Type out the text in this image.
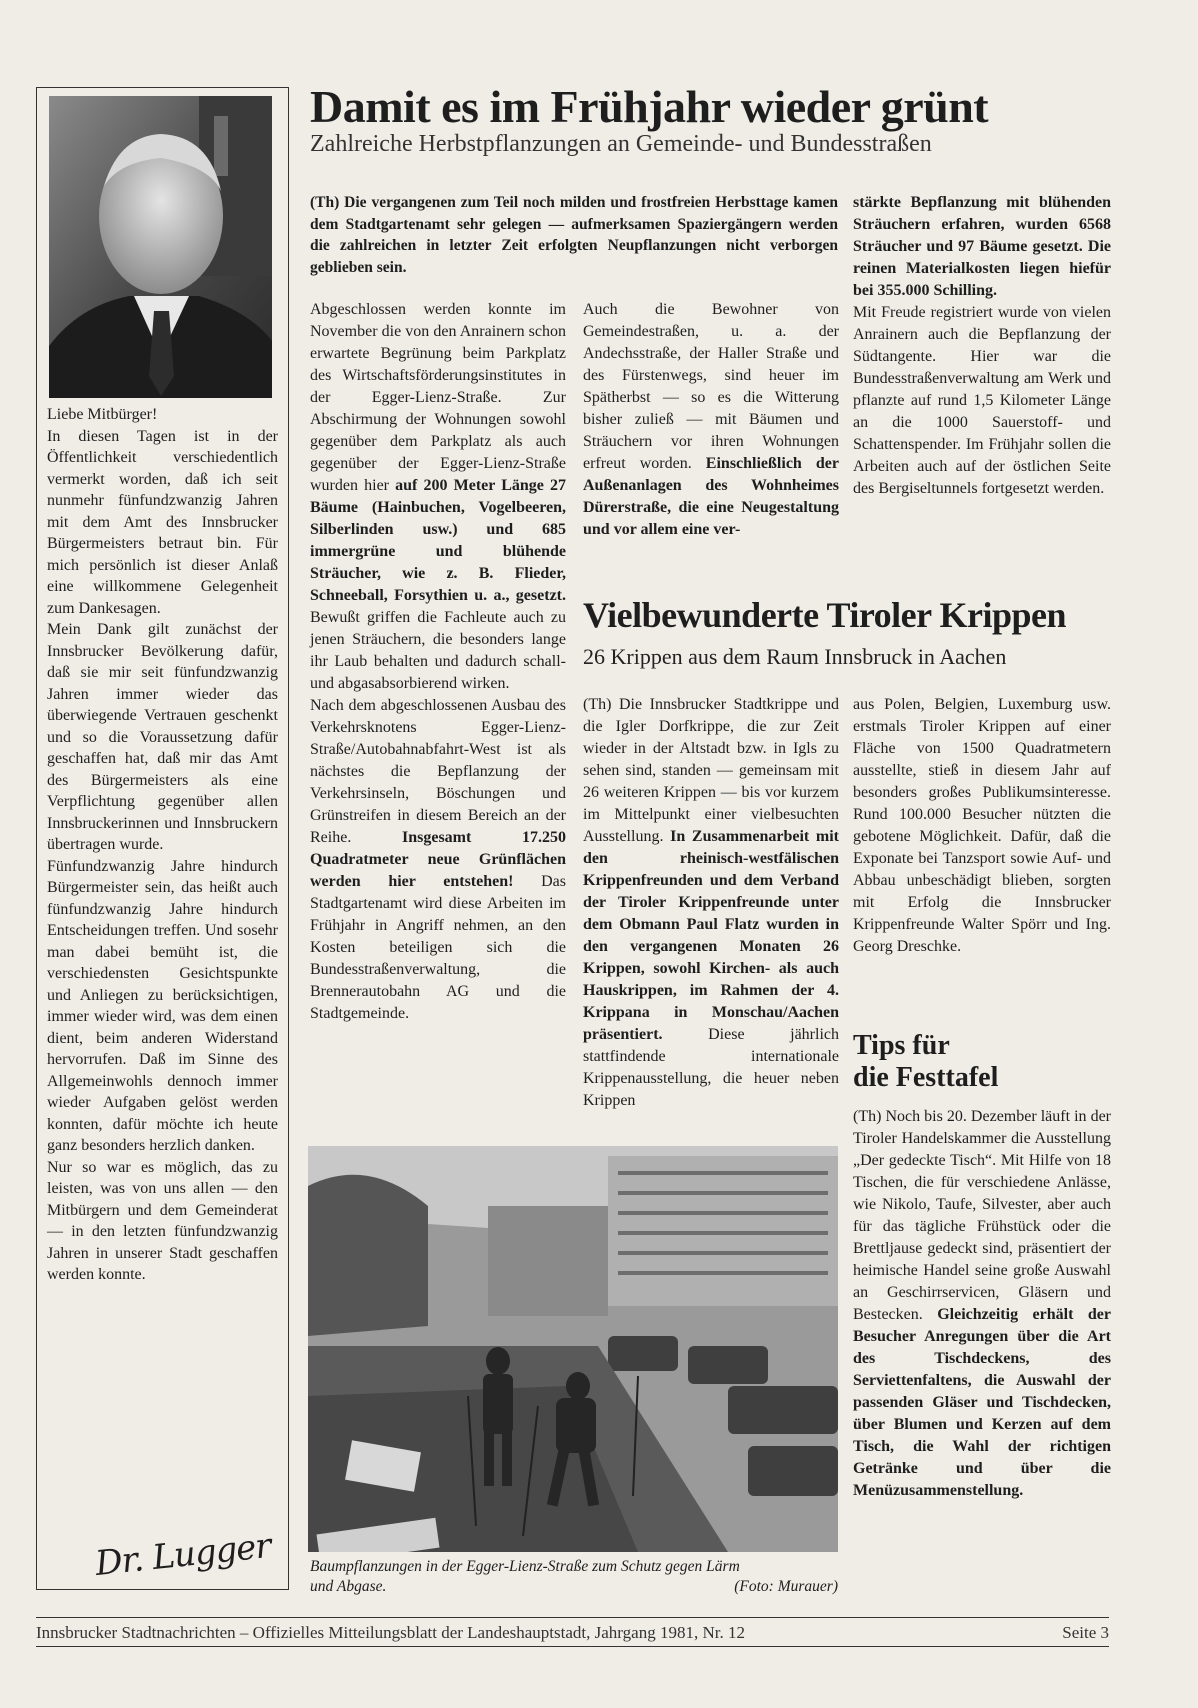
Liebe Mitbürger!
In diesen Tagen ist in der Öffentlichkeit verschiedentlich vermerkt worden, daß ich seit nunmehr fünfundzwanzig Jahren mit dem Amt des Innsbrucker Bürgermeisters betraut bin. Für mich persönlich ist dieser Anlaß eine willkommene Gelegenheit zum Dankesagen.
Mein Dank gilt zunächst der Innsbrucker Bevölkerung dafür, daß sie mir seit fünfundzwanzig Jahren immer wieder das überwiegende Vertrauen geschenkt und so die Voraussetzung dafür geschaffen hat, daß mir das Amt des Bürgermeisters als eine Verpflichtung gegenüber allen Innsbruckerinnen und Innsbruckern übertragen wurde.
Fünfundzwanzig Jahre hindurch Bürgermeister sein, das heißt auch fünfundzwanzig Jahre hindurch Entscheidungen treffen. Und sosehr man dabei bemüht ist, die verschiedensten Gesichtspunkte und Anliegen zu berücksichtigen, immer wieder wird, was dem einen dient, beim anderen Widerstand hervorrufen. Daß im Sinne des Allgemeinwohls dennoch immer wieder Aufgaben gelöst werden konnten, dafür möchte ich heute ganz besonders herzlich danken.
Nur so war es möglich, das zu leisten, was von uns allen — den Mitbürgern und dem Gemeinderat — in den letzten fünfundzwanzig Jahren in unserer Stadt geschaffen werden konnte.
Dr. Lugger
Damit es im Frühjahr wieder grünt
Zahlreiche Herbstpflanzungen an Gemeinde- und Bundesstraßen
(Th) Die vergangenen zum Teil noch milden und frostfreien Herbsttage kamen dem Stadtgartenamt sehr gelegen — aufmerksamen Spaziergängern werden die zahlreichen in letzter Zeit erfolgten Neupflanzungen nicht verborgen geblieben sein.

Abgeschlossen werden konnte im November die von den Anrainern schon erwartete Begrünung beim Parkplatz des Wirtschaftsförderungsinstitutes in der Egger-Lienz-Straße. Zur Abschirmung der Wohnungen sowohl gegenüber dem Parkplatz als auch gegenüber der Egger-Lienz-Straße wurden hier auf 200 Meter Länge 27 Bäume (Hainbuchen, Vogelbeeren, Silberlinden usw.) und 685 immergrüne und blühende Sträucher, wie z. B. Flieder, Schneeball, Forsythien u. a., gesetzt. Bewußt griffen die Fachleute auch zu jenen Sträuchern, die besonders lange ihr Laub behalten und dadurch schall- und abgasabsorbierend wirken.

Nach dem abgeschlossenen Ausbau des Verkehrsknotens Egger-Lienz-Straße/Autobahnabfahrt-West ist als nächstes die Bepflanzung der Verkehrsinseln, Böschungen und Grünstreifen in diesem Bereich an der Reihe. Insgesamt 17.250 Quadratmeter neue Grünflächen werden hier entstehen! Das Stadtgartenamt wird diese Arbeiten im Frühjahr in Angriff nehmen, an den Kosten beteiligen sich die Bundesstraßenverwaltung, die Brennerautobahn AG und die Stadtgemeinde.

Auch die Bewohner von Gemeindestraßen, u. a. der Andechsstraße, der Haller Straße und des Fürstenwegs, sind heuer im Spätherbst — so es die Witterung bisher zuließ — mit Bäumen und Sträuchern vor ihren Wohnungen erfreut worden. Einschließlich der Außenanlagen des Wohnheimes Dürerstraße, die eine Neugestaltung und vor allem eine ver-

stärkte Bepflanzung mit blühenden Sträuchern erfahren, wurden 6568 Sträucher und 97 Bäume gesetzt. Die reinen Materialkosten liegen hiefür bei 355.000 Schilling.

Mit Freude registriert wurde von vielen Anrainern auch die Bepflanzung der Südtangente. Hier war die Bundesstraßenverwaltung am Werk und pflanzte auf rund 1,5 Kilometer Länge an die 1000 Sauerstoff- und Schattenspender. Im Frühjahr sollen die Arbeiten auch auf der östlichen Seite des Bergiseltunnels fortgesetzt werden.

Vielbewunderte Tiroler Krippen
26 Krippen aus dem Raum Innsbruck in Aachen

(Th) Die Innsbrucker Stadtkrippe und die Igler Dorfkrippe, die zur Zeit wieder in der Altstadt bzw. in Igls zu sehen sind, standen — gemeinsam mit 26 weiteren Krippen — bis vor kurzem im Mittelpunkt einer vielbesuchten Ausstellung. In Zusammenarbeit mit den rheinisch-westfälischen Krippenfreunden und dem Verband der Tiroler Krippenfreunde unter dem Obmann Paul Flatz wurden in den vergangenen Monaten 26 Krippen, sowohl Kirchen- als auch Hauskrippen, im Rahmen der 4. Krippana in Monschau/Aachen präsentiert. Diese jährlich stattfindende internationale Krippenausstellung, die heuer neben Krippen

aus Polen, Belgien, Luxemburg usw. erstmals Tiroler Krippen auf einer Fläche von 1500 Quadratmetern ausstellte, stieß in diesem Jahr auf besonders großes Publikumsinteresse. Rund 100.000 Besucher nützten die gebotene Möglichkeit. Dafür, daß die Exponate bei Tanzsport sowie Auf- und Abbau unbeschädigt blieben, sorgten mit Erfolg die Innsbrucker Krippenfreunde Walter Spörr und Ing. Georg Dreschke.

Tips für
die Festtafel

(Th) Noch bis 20. Dezember läuft in der Tiroler Handelskammer die Ausstellung „Der gedeckte Tisch“. Mit Hilfe von 18 Tischen, die für verschiedene Anlässe, wie Nikolo, Taufe, Silvester, aber auch für das tägliche Frühstück oder die Brettljause gedeckt sind, präsentiert der heimische Handel seine große Auswahl an Geschirrservicen, Gläsern und Bestecken. Gleichzeitig erhält der Besucher Anregungen über die Art des Tischdeckens, des Serviettenfaltens, die Auswahl der passenden Gläser und Tischdecken, über Blumen und Kerzen auf dem Tisch, die Wahl der richtigen Getränke und über die Menüzusammenstellung.

Baumpflanzungen in der Egger-Lienz-Straße zum Schutz gegen Lärm und Abgase.	(Foto: Murauer)
Innsbrucker Stadtnachrichten – Offizielles Mitteilungsblatt der Landeshauptstadt, Jahrgang 1981, Nr. 12	Seite 3
